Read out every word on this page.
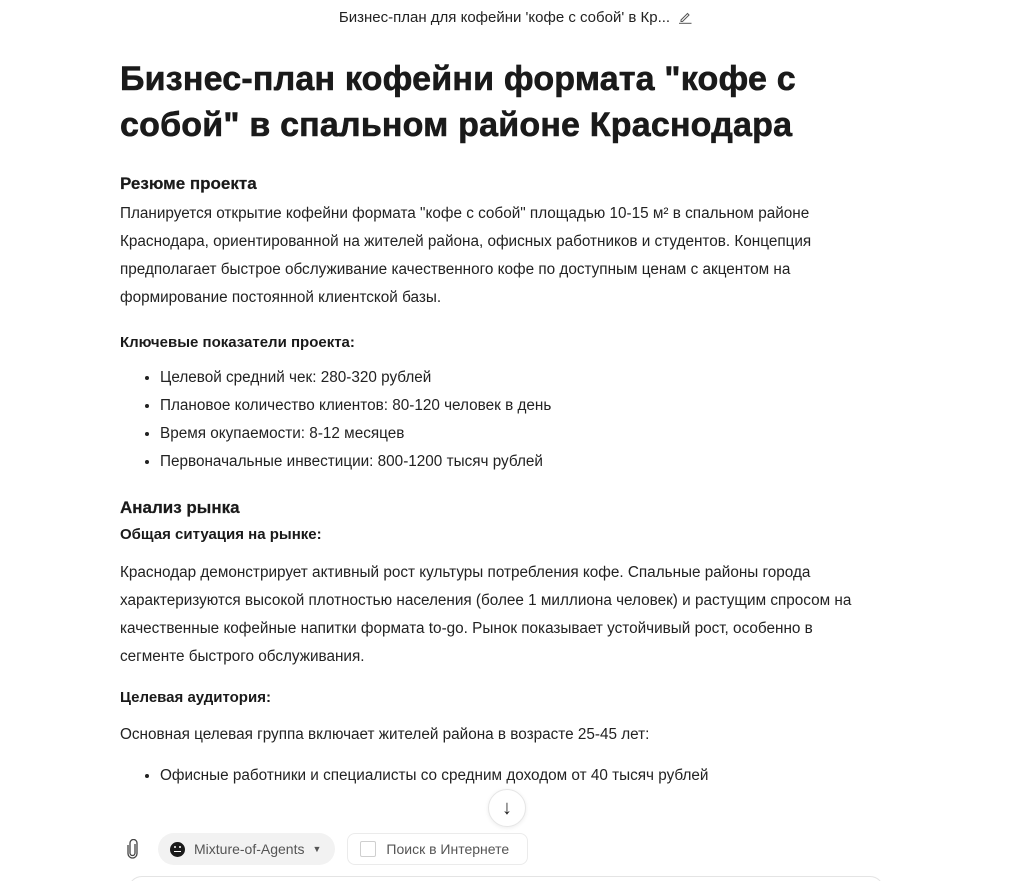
Бизнес-план для кофейни 'кофе с собой' в Кр...
Бизнес-план кофейни формата "кофе с собой" в спальном районе Краснодара
Резюме проекта

Планируется открытие кофейни формата "кофе с собой" площадью 10-15 м² в спальном районе Краснодара, ориентированной на жителей района, офисных работников и студентов. Концепция предполагает быстрое обслуживание качественного кофе по доступным ценам с акцентом на формирование постоянной клиентской базы.

Ключевые показатели проекта:
• Целевой средний чек: 280-320 рублей
• Плановое количество клиентов: 80-120 человек в день
• Время окупаемости: 8-12 месяцев
• Первоначальные инвестиции: 800-1200 тысяч рублей
Анализ рынка
Общая ситуация на рынке:

Краснодар демонстрирует активный рост культуры потребления кофе. Спальные районы города характеризуются высокой плотностью населения (более 1 миллиона человек) и растущим спросом на качественные кофейные напитки формата to-go. Рынок показывает устойчивый рост, особенно в сегменте быстрого обслуживания.

Целевая аудитория:

Основная целевая группа включает жителей района в возрасте 25-45 лет:

• Офисные работники и специалисты со средним доходом от 40 тысяч рублей
↓
Mixture-of-Agents ▼	Поиск в Интернете
